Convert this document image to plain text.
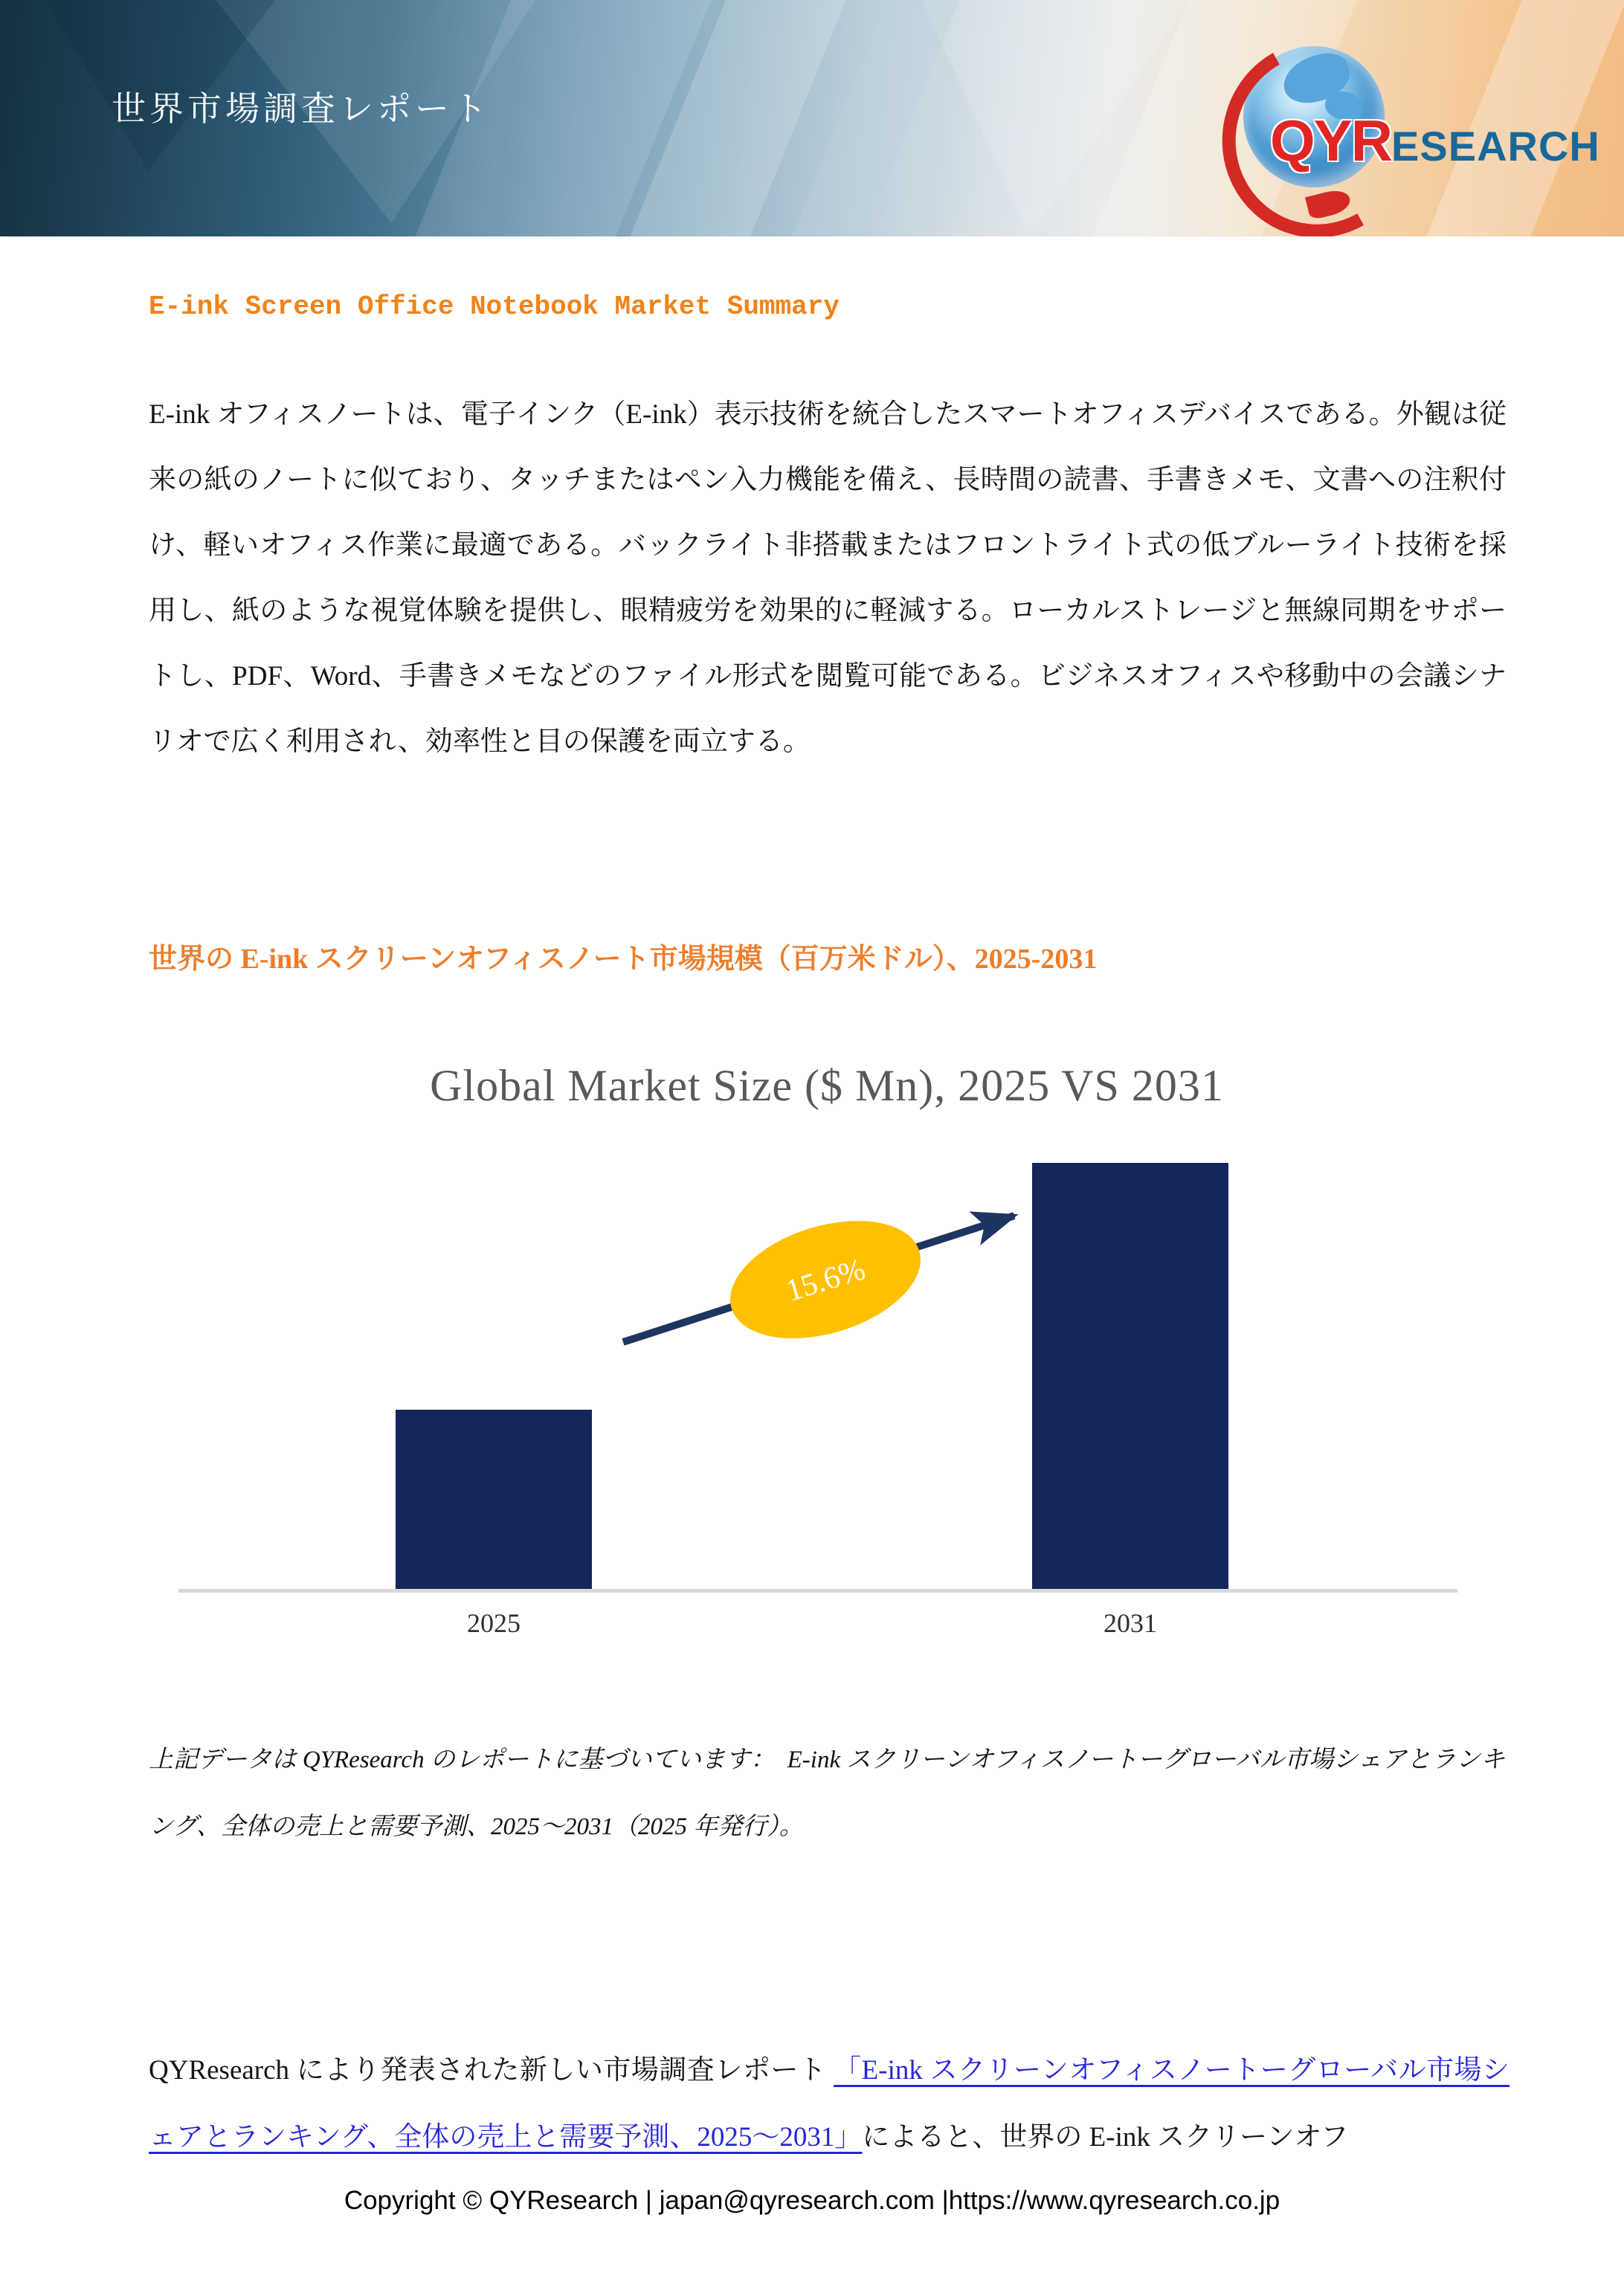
世界市場調査レポート	QYRESEARCH
E-ink Screen Office Notebook Market Summary

E-ink オフィスノートは、電子インク（E-ink）表示技術を統合したスマートオフィスデバイスである。外観は従来の紙のノートに似ており、タッチまたはペン入力機能を備え、長時間の読書、手書きメモ、文書への注釈付け、軽いオフィス作業に最適である。バックライト非搭載またはフロントライト式の低ブルーライト技術を採用し、紙のような視覚体験を提供し、眼精疲労を効果的に軽減する。ローカルストレージと無線同期をサポートし、PDF、Word、手書きメモなどのファイル形式を閲覧可能である。ビジネスオフィスや移動中の会議シナリオで広く利用され、効率性と目の保護を両立する。

世界の E-ink スクリーンオフィスノート市場規模（百万米ドル）、2025-2031
Global Market Size ($ Mn), 2025 VS 2031
15.6%
2025	2031

上記データは QYResearch のレポートに基づいています：　E-ink スクリーンオフィスノートーグローバル市場シェアとランキング、全体の売上と需要予測、2025～2031（2025 年発行）。

QYResearch により発表された新しい市場調査レポート 「E-ink スクリーンオフィスノートーグローバル市場シェアとランキング、全体の売上と需要予測、2025～2031」によると、世界の E-ink スクリーンオフ

Copyright © QYResearch | japan@qyresearch.com |https://www.qyresearch.co.jp
